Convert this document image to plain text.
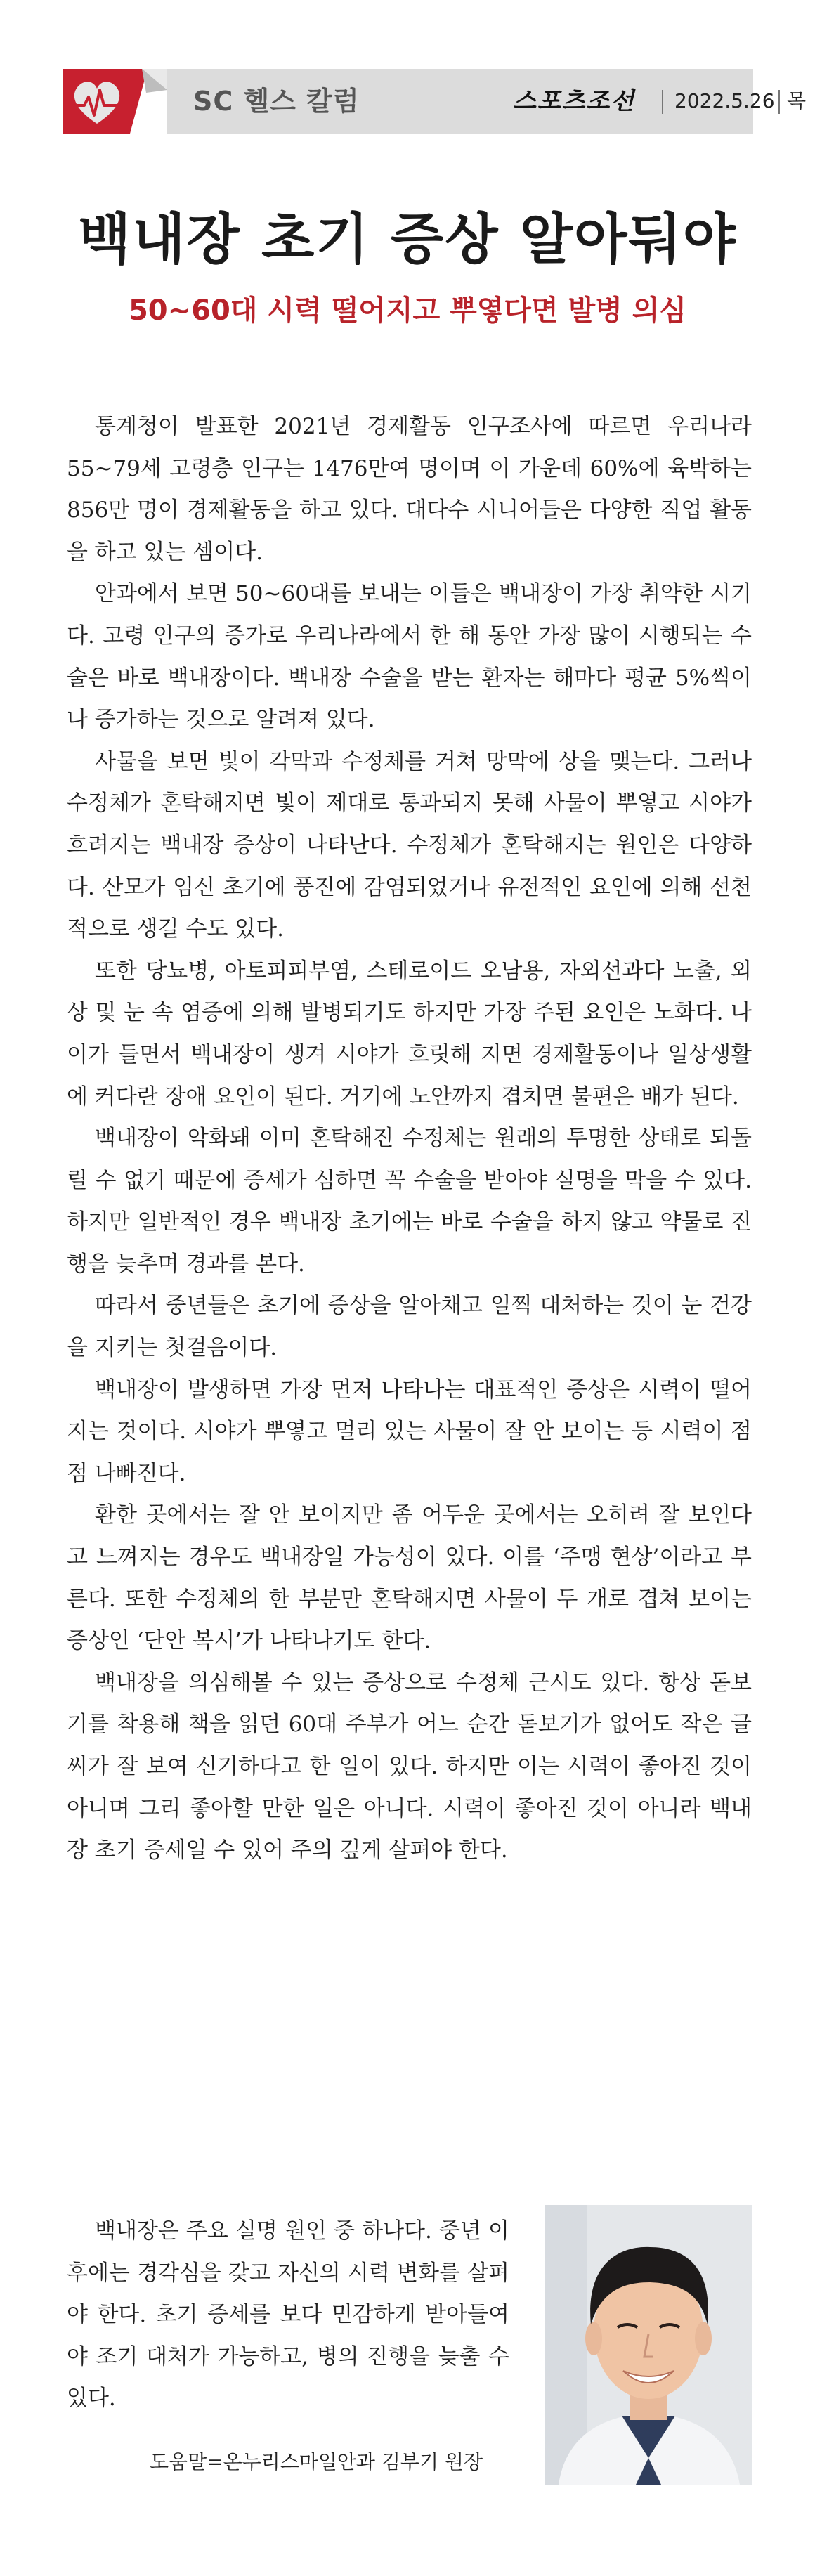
SC 헬스 칼럼	스포츠조선 2022.5.26 목
백내장 초기 증상 알아둬야
50~60대 시력 떨어지고 뿌옇다면 발병 의심

통계청이 발표한 2021년 경제활동 인구조사에 따르면 우리나라 55~79세 고령층 인구는 1476만여 명이며 이 가운데 60%에 육박하는 856만 명이 경제활동을 하고 있다. 대다수 시니어들은 다양한 직업 활동을 하고 있는 셈이다.

안과에서 보면 50~60대를 보내는 이들은 백내장이 가장 취약한 시기다. 고령 인구의 증가로 우리나라에서 한 해 동안 가장 많이 시행되는 수술은 바로 백내장이다. 백내장 수술을 받는 환자는 해마다 평균 5%씩이나 증가하는 것으로 알려져 있다.

사물을 보면 빛이 각막과 수정체를 거쳐 망막에 상을 맺는다. 그러나 수정체가 혼탁해지면 빛이 제대로 통과되지 못해 사물이 뿌옇고 시야가 흐려지는 백내장 증상이 나타난다. 수정체가 혼탁해지는 원인은 다양하다. 산모가 임신 초기에 풍진에 감염되었거나 유전적인 요인에 의해 선천적으로 생길 수도 있다.

또한 당뇨병, 아토피피부염, 스테로이드 오남용, 자외선과다 노출, 외상 및 눈 속 염증에 의해 발병되기도 하지만 가장 주된 요인은 노화다. 나이가 들면서 백내장이 생겨 시야가 흐릿해 지면 경제활동이나 일상생활에 커다란 장애 요인이 된다. 거기에 노안까지 겹치면 불편은 배가 된다.

백내장이 악화돼 이미 혼탁해진 수정체는 원래의 투명한 상태로 되돌릴 수 없기 때문에 증세가 심하면 꼭 수술을 받아야 실명을 막을 수 있다. 하지만 일반적인 경우 백내장 초기에는 바로 수술을 하지 않고 약물로 진행을 늦추며 경과를 본다.

따라서 중년들은 초기에 증상을 알아채고 일찍 대처하는 것이 눈 건강을 지키는 첫걸음이다.

백내장이 발생하면 가장 먼저 나타나는 대표적인 증상은 시력이 떨어지는 것이다. 시야가 뿌옇고 멀리 있는 사물이 잘 안 보이는 등 시력이 점점 나빠진다.

환한 곳에서는 잘 안 보이지만 좀 어두운 곳에서는 오히려 잘 보인다고 느껴지는 경우도 백내장일 가능성이 있다. 이를 ‘주맹 현상’이라고 부른다. 또한 수정체의 한 부분만 혼탁해지면 사물이 두 개로 겹쳐 보이는 증상인 ‘단안 복시’가 나타나기도 한다.

백내장을 의심해볼 수 있는 증상으로 수정체 근시도 있다. 항상 돋보기를 착용해 책을 읽던 60대 주부가 어느 순간 돋보기가 없어도 작은 글씨가 잘 보여 신기하다고 한 일이 있다. 하지만 이는 시력이 좋아진 것이 아니며 그리 좋아할 만한 일은 아니다. 시력이 좋아진 것이 아니라 백내장 초기 증세일 수 있어 주의 깊게 살펴야 한다.

백내장은 주요 실명 원인 중 하나다. 중년 이후에는 경각심을 갖고 자신의 시력 변화를 살펴야 한다. 초기 증세를 보다 민감하게 받아들여야 조기 대처가 가능하고, 병의 진행을 늦출 수 있다.

도움말=온누리스마일안과 김부기 원장
